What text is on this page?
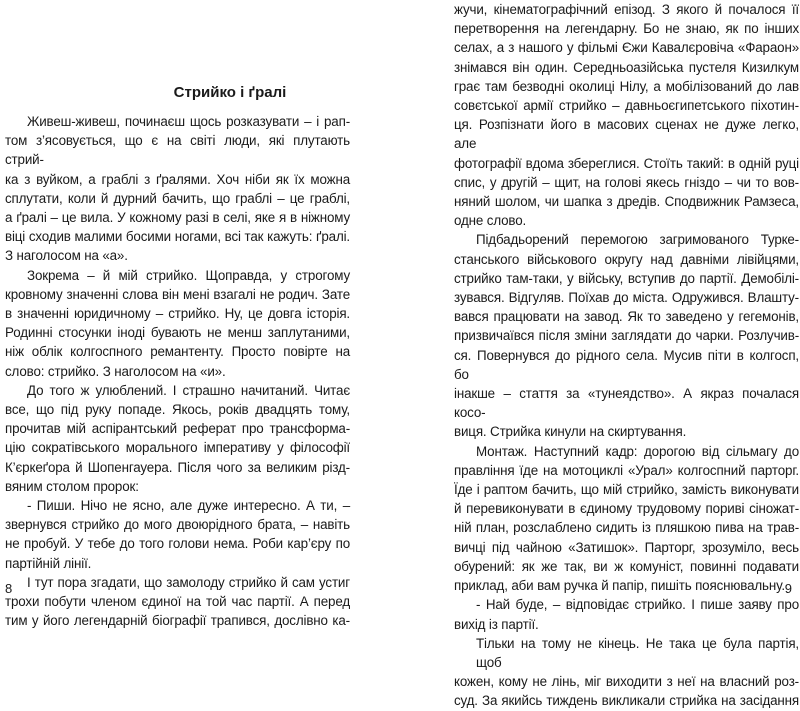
Стрийко і ґралі
Живеш-живеш, починаєш щось розказувати – і рап-
том з’ясовується, що є на світі люди, які плутають стрий-
ка з вуйком, а граблі з ґралями. Хоч ніби як їх можна
сплутати, коли й дурний бачить, що граблі – це граблі,
а ґралі – це вила. У кожному разі в селі, яке я в ніжному
віці сходив малими босими ногами, всі так кажуть: ґралі.
З наголосом на «а».
Зокрема – й мій стрийко. Щоправда, у строгому
кровному значенні слова він мені взагалі не родич. Зате
в значенні юридичному – стрийко. Ну, це довга історія.
Родинні стосунки іноді бувають не менш заплутаними,
ніж облік колгоспного ремантенту. Просто повірте на
слово: стрийко. З наголосом на «и».
До того ж улюблений. І страшно начитаний. Читає
все, що під руку попаде. Якось, років двадцять тому,
прочитав мій аспірантський реферат про трансформа-
цію сократівського морального імперативу у філософії
К’єркеґора й Шопенгауера. Після чого за великим різд-
вяним столом пророк:
- Пиши. Нічо не ясно, але дуже интересно. А ти, –
звернувся стрийко до мого двоюрідного брата, – навіть
не пробуй. У тебе до того голови нема. Роби кар’єру по
партійній лінії.
І тут пора згадати, що замолоду стрийко й сам устиг
трохи побути членом єдиної на той час партії. А перед
тим у його легендарній біографії трапився, дослівно ка-
8
жучи, кінематографічний епізод. З якого й почалося її
перетворення на легендарну. Бо не знаю, як по інших
селах, а з нашого у фільмі Єжи Кавалєровіча «Фараон»
знімався він один. Середньоазійська пустеля Кизилкум
грає там безводні околиці Нілу, а мобілізований до лав
совєтської армії стрийко – давньоєгипетського піхотин-
ця. Розпізнати його в масових сценах не дуже легко, але
фотографії вдома збереглися. Стоїть такий: в одній руці
спис, у другій – щит, на голові якесь гніздо – чи то вов-
няний шолом, чи шапка з дредів. Сподвижник Рамзеса,
одне слово.
Підбадьорений перемогою загримованого Туркe-
станського військового округу над давніми лівійцями,
стрийко там-таки, у війську, вступив до партії. Демобілі-
зувався. Відгуляв. Поїхав до міста. Одружився. Влашту-
вався працювати на завод. Як то заведено у гегемонів,
призвичаївся після зміни заглядати до чарки. Розлучив-
ся. Повернувся до рідного села. Мусив піти в колгосп, бо
інакше – стаття за «тунеядство». А якраз почалася косо-
виця. Стрийка кинули на скиртування.
Монтаж. Наступний кадр: дорогою від сільмагу до
правління їде на мотоциклі «Урал» колгоспний парторг.
Їде і раптом бачить, що мій стрийко, замість виконувати
й перевиконувати в єдиному трудовому пориві сіножат-
ній план, розслаблено сидить із пляшкою пива на трав-
вичці під чайною «Затишок». Парторг, зрозуміло, весь
обурений: як же так, ви ж комуніст, повинні подавати
приклад, аби вам ручка й папір, пишіть пояснювальну.
- Най буде, – відповідає стрийко. І пише заяву про
вихід із партії.
Тільки на тому не кінець. Не така це була партія, щоб
кожен, кому не лінь, міг виходити з неї на власний роз-
суд. За якийсь тиждень викликали стрийка на засідання
9
